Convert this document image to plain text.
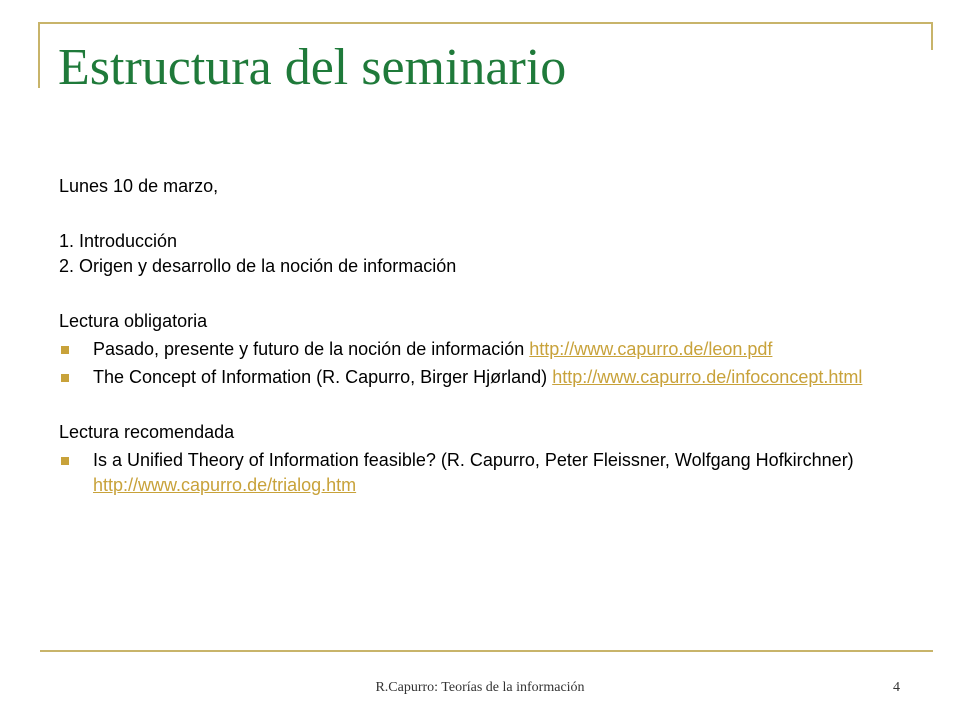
Estructura del seminario

Lunes 10 de marzo,

1. Introducción

2. Origen y desarrollo de la noción de información

Lectura obligatoria

Pasado, presente y futuro de la noción de información http://www.capurro.de/leon.pdf
The Concept of Information (R. Capurro, Birger Hjørland) http://www.capurro.de/infoconcept.html

Lectura recomendada

Is a Unified Theory of Information feasible? (R. Capurro, Peter Fleissner, Wolfgang Hofkirchner) http://www.capurro.de/trialog.htm
R.Capurro: Teorías de la información	4
